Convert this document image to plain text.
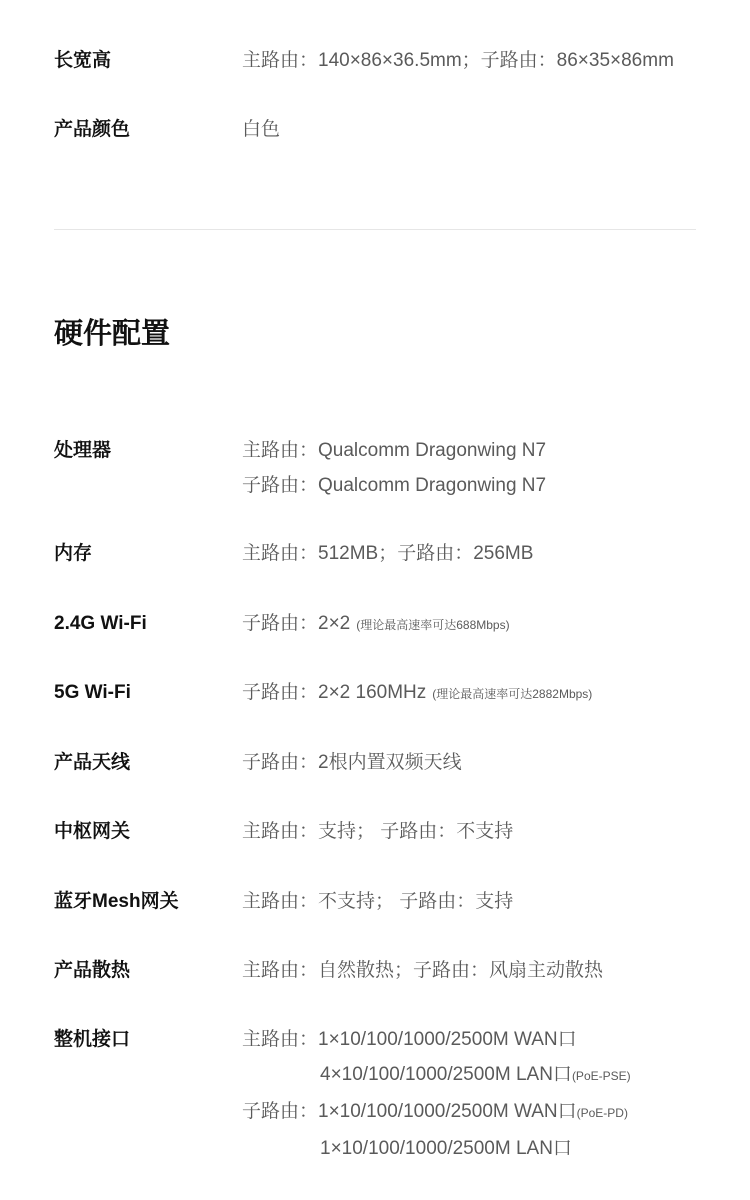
长宽高	主路由：140×86×36.5mm；子路由：86×35×86mm
产品颜色	白色
硬件配置
处理器	主路由：Qualcomm Dragonwing N7
子路由：Qualcomm Dragonwing N7
内存	主路由：512MB；子路由：256MB
2.4G Wi-Fi	子路由：2×2 (理论最高速率可达688Mbps)
5G Wi-Fi	子路由：2×2 160MHz (理论最高速率可达2882Mbps)
产品天线	子路由：2根内置双频天线
中枢网关	主路由：支持； 子路由：不支持
蓝牙Mesh网关	主路由：不支持； 子路由：支持
产品散热	主路由：自然散热；子路由：风扇主动散热
整机接口	主路由：1×10/100/1000/2500M WAN口
4×10/100/1000/2500M LAN口(PoE-PSE)
子路由：1×10/100/1000/2500M WAN口(PoE-PD)
1×10/100/1000/2500M LAN口
